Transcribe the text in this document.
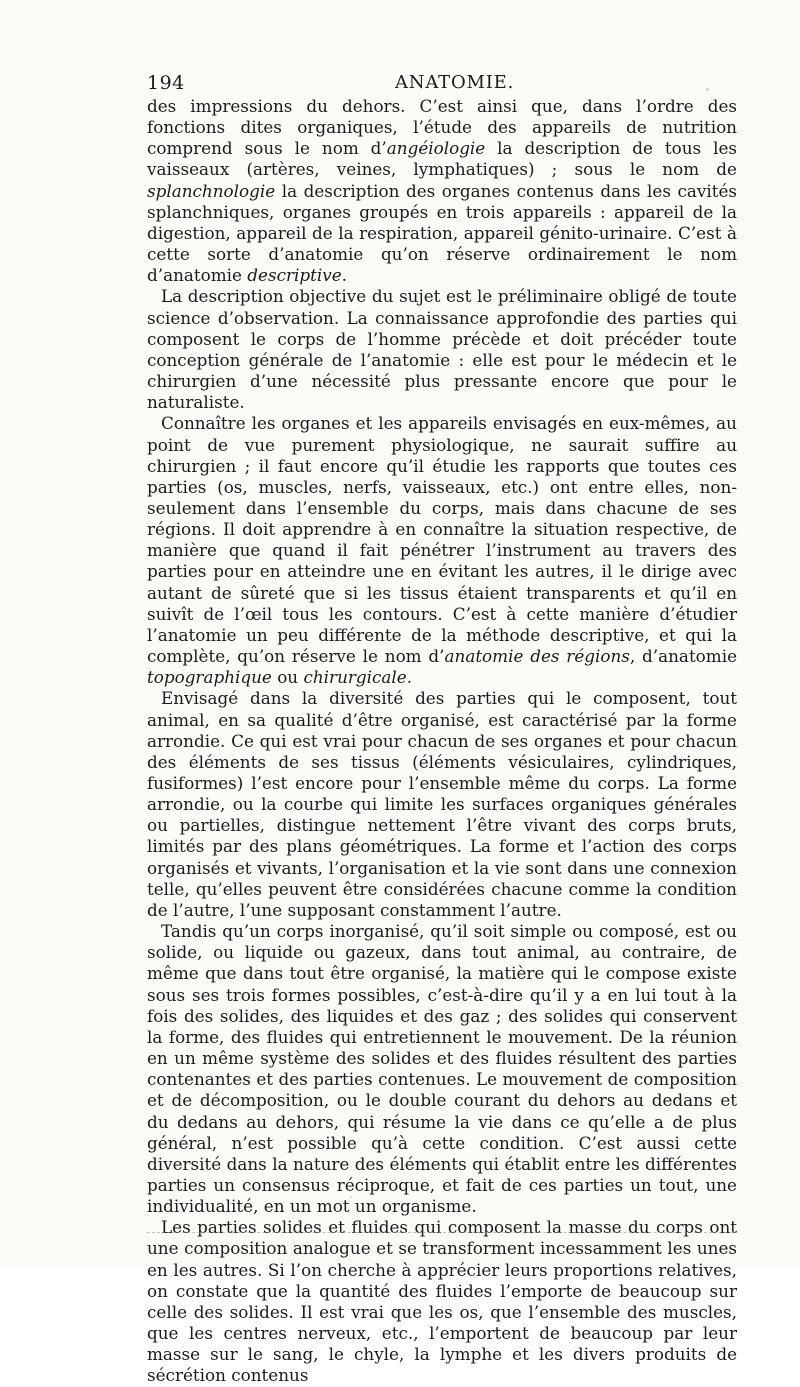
194	ANATOMIE.

des impressions du dehors. C’est ainsi que, dans l’ordre des fonctions dites organiques, l’étude des appareils de nutrition comprend sous le nom d’angéiologie la description de tous les vaisseaux (artères, veines, lymphatiques) ; sous le nom de splanchnologie la description des organes contenus dans les cavités splanchniques, organes groupés en trois appareils : appareil de la digestion, appareil de la respiration, appareil génito-urinaire. C’est à cette sorte d’anatomie qu’on réserve ordinairement le nom d’anatomie descriptive.

La description objective du sujet est le préliminaire obligé de toute science d’observation. La connaissance approfondie des parties qui composent le corps de l’homme précède et doit précéder toute conception générale de l’anatomie : elle est pour le médecin et le chirurgien d’une nécessité plus pressante encore que pour le naturaliste.

Connaître les organes et les appareils envisagés en eux-mêmes, au point de vue purement physiologique, ne saurait suffire au chirurgien ; il faut encore qu’il étudie les rapports que toutes ces parties (os, muscles, nerfs, vaisseaux, etc.) ont entre elles, non-seulement dans l’ensemble du corps, mais dans chacune de ses régions. Il doit apprendre à en connaître la situation respective, de manière que quand il fait pénétrer l’instrument au travers des parties pour en atteindre une en évitant les autres, il le dirige avec autant de sûreté que si les tissus étaient transparents et qu’il en suivît de l’œil tous les contours. C’est à cette manière d’étudier l’anatomie un peu différente de la méthode descriptive, et qui la complète, qu’on réserve le nom d’anatomie des régions, d’anatomie topographique ou chirurgicale.

Envisagé dans la diversité des parties qui le composent, tout animal, en sa qualité d’être organisé, est caractérisé par la forme arrondie. Ce qui est vrai pour chacun de ses organes et pour chacun des éléments de ses tissus (éléments vésiculaires, cylindriques, fusiformes) l’est encore pour l’ensemble même du corps. La forme arrondie, ou la courbe qui limite les surfaces organiques générales ou partielles, distingue nettement l’être vivant des corps bruts, limités par des plans géométriques. La forme et l’action des corps organisés et vivants, l’organisation et la vie sont dans une connexion telle, qu’elles peuvent être considérées chacune comme la condition de l’autre, l’une supposant constamment l’autre.

Tandis qu’un corps inorganisé, qu’il soit simple ou composé, est ou solide, ou liquide ou gazeux, dans tout animal, au contraire, de même que dans tout être organisé, la matière qui le compose existe sous ses trois formes possibles, c’est-à-dire qu’il y a en lui tout à la fois des solides, des liquides et des gaz ; des solides qui conservent la forme, des fluides qui entretiennent le mouvement. De la réunion en un même système des solides et des fluides résultent des parties contenantes et des parties contenues. Le mouvement de composition et de décomposition, ou le double courant du dehors au dedans et du dedans au dehors, qui résume la vie dans ce qu’elle a de plus général, n’est possible qu’à cette condition. C’est aussi cette diversité dans la nature des éléments qui établit entre les différentes parties un consensus réciproque, et fait de ces parties un tout, une individualité, en un mot un organisme.

Les parties solides et fluides qui composent la masse du corps ont une composition analogue et se transforment incessamment les unes en les autres. Si l’on cherche à apprécier leurs proportions relatives, on constate que la quantité des fluides l’emporte de beaucoup sur celle des solides. Il est vrai que les os, que l’ensemble des muscles, que les centres nerveux, etc., l’emportent de beaucoup par leur masse sur le sang, le chyle, la lymphe et les divers produits de sécrétion contenus
